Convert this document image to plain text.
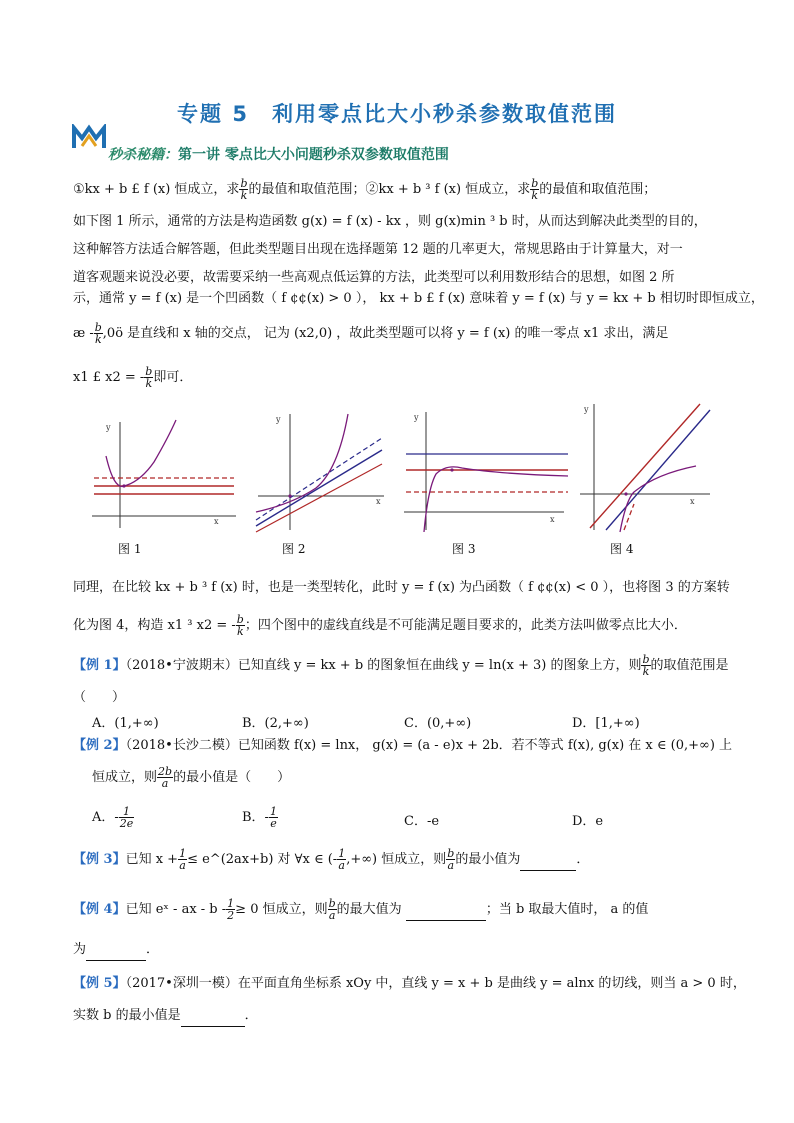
专题 5　利用零点比大小秒杀参数取值范围
秒杀秘籍：第一讲 零点比大小问题秒杀双参数取值范围
①kx + b £ f (x) 恒成立，求 $\frac{b}{k}$ 的最值和取值范围；②kx + b ³ f (x) 恒成立，求 $\frac{b}{k}$ 的最值和取值范围；
如下图 1 所示，通常的方法是构造函数 g(x) = f (x) - kx ，则 g(x)min ³ b 时，从而达到解决此类型的目的，
这种解答方法适合解答题，但此类型题目出现在选择题第 12 题的几率更大，常规思路由于计算量大，对一
道客观题来说没必要，故需要采纳一些高观点低运算的方法，此类型可以利用数形结合的思想，如图 2 所
示，通常 y = f (x) 是一个凹函数（ f ¢¢(x) > 0 ）， kx + b £ f (x) 意味着 y = f (x) 与 y = kx + b 相切时即恒成立，
æ - $\frac{b}{k}$ ,0ö 是直线和 x 轴的交点， 记为 (x2,0) ，故此类型题可以将 y = f (x) 的唯一零点 x1 求出，满足
x1 £ x2 = - $\frac{b}{k}$ 即可．
y
x
y
x
y
x
y
x
图 1	图 2	图 3	图 4
同理，在比较 kx + b ³ f (x) 时，也是一类型转化，此时 y = f (x) 为凸函数（ f ¢¢(x) < 0 ），也将图 3 的方案转
化为图 4，构造 x1 ³ x2 = - $\frac{b}{k}$ ；四个图中的虚线直线是不可能满足题目要求的，此类方法叫做零点比大小．
【例 1】（2018•宁波期末）已知直线 y = kx + b 的图象恒在曲线 y = ln(x + 3) 的图象上方，则 $\frac{b}{k}$ 的取值范围是
（　　）
A．(1,+∞)	B．(2,+∞)	C．(0,+∞)	D．[1,+∞)
【例 2】（2018•长沙二模）已知函数 f(x) = lnx， g(x) = (a - e)x + 2b．若不等式 f(x), g(x) 在 x ∈ (0,+∞) 上
恒成立，则 $\frac{2b}{a}$ 的最小值是（　　）
A．- $\frac{1}{2e}$	B．- $\frac{1}{e}$	C．-e	D．e
【例 3】已知 $x + \frac{1}{a}$ ≤ e^(2ax+b) 对 ∀x ∈ (- $\frac{1}{a}$ ,+∞) 恒成立，则 $\frac{b}{a}$ 的最小值为	．
【例 4】已知 eˣ - ax - $b - \frac{1}{2} \ge 0$ 恒成立，则 $\frac{b}{a}$ 的最大值为	；当 b 取最大值时， a 的值
为	．
【例 5】（2017•深圳一模）在平面直角坐标系 xOy 中，直线 y = x + b 是曲线 y = alnx 的切线，则当 a > 0 时，
实数 b 的最小值是	．
